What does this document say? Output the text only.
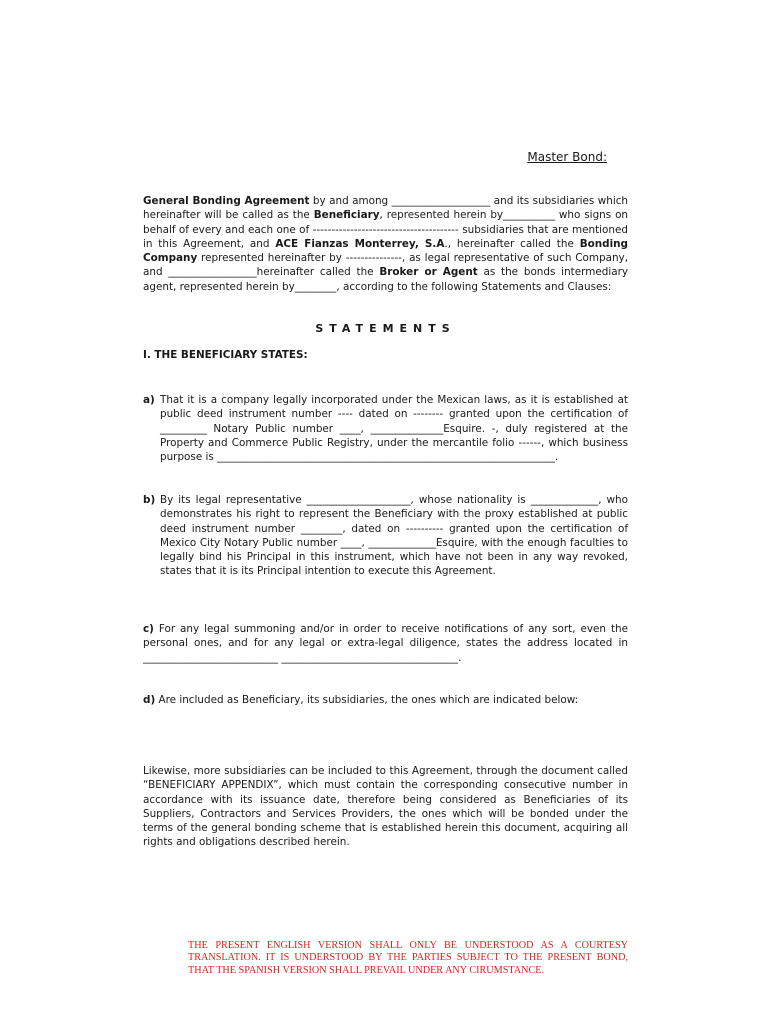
Master Bond:
General Bonding Agreement by and among ___________________ and its subsidiaries which hereinafter will be called as the Beneficiary, represented herein by__________ who signs on behalf of every and each one of --------------------------------------- subsidiaries that are mentioned in this Agreement, and ACE Fianzas Monterrey, S.A., hereinafter called the Bonding Company represented hereinafter by ---------------, as legal representative of such Company, and _________________hereinafter called the Broker or Agent as the bonds intermediary agent, represented herein by________, according to the following Statements and Clauses:
STATEMENTS
I. THE BENEFICIARY STATES:
a) That it is a company legally incorporated under the Mexican laws, as it is established at public deed instrument number ---- dated on -------- granted upon the certification of _________ Notary Public number ____, ______________Esquire. -, duly registered at the Property and Commerce Public Registry, under the mercantile folio ------, which business purpose is _________________________________________________________________.
b) By its legal representative ____________________, whose nationality is _____________, who demonstrates his right to represent the Beneficiary with the proxy established at public deed instrument number ________, dated on ---------- granted upon the certification of Mexico City Notary Public number ____, _____________Esquire, with the enough faculties to legally bind his Principal in this instrument, which have not been in any way revoked, states that it is its Principal intention to execute this Agreement.
c) For any legal summoning and/or in order to receive notifications of any sort, even the personal ones, and for any legal or extra-legal diligence, states the address located in __________________________ __________________________________.
d) Are included as Beneficiary, its subsidiaries, the ones which are indicated below:
Likewise, more subsidiaries can be included to this Agreement, through the document called “BENEFICIARY APPENDIX”, which must contain the corresponding consecutive number in accordance with its issuance date, therefore being considered as Beneficiaries of its Suppliers, Contractors and Services Providers, the ones which will be bonded under the terms of the general bonding scheme that is established herein this document, acquiring all rights and obligations described herein.
THE PRESENT ENGLISH VERSION SHALL ONLY BE UNDERSTOOD AS A COURTESY TRANSLATION. IT IS UNDERSTOOD BY THE PARTIES SUBJECT TO THE PRESENT BOND, THAT THE SPANISH VERSION SHALL PREVAIL UNDER ANY CIRUMSTANCE.
